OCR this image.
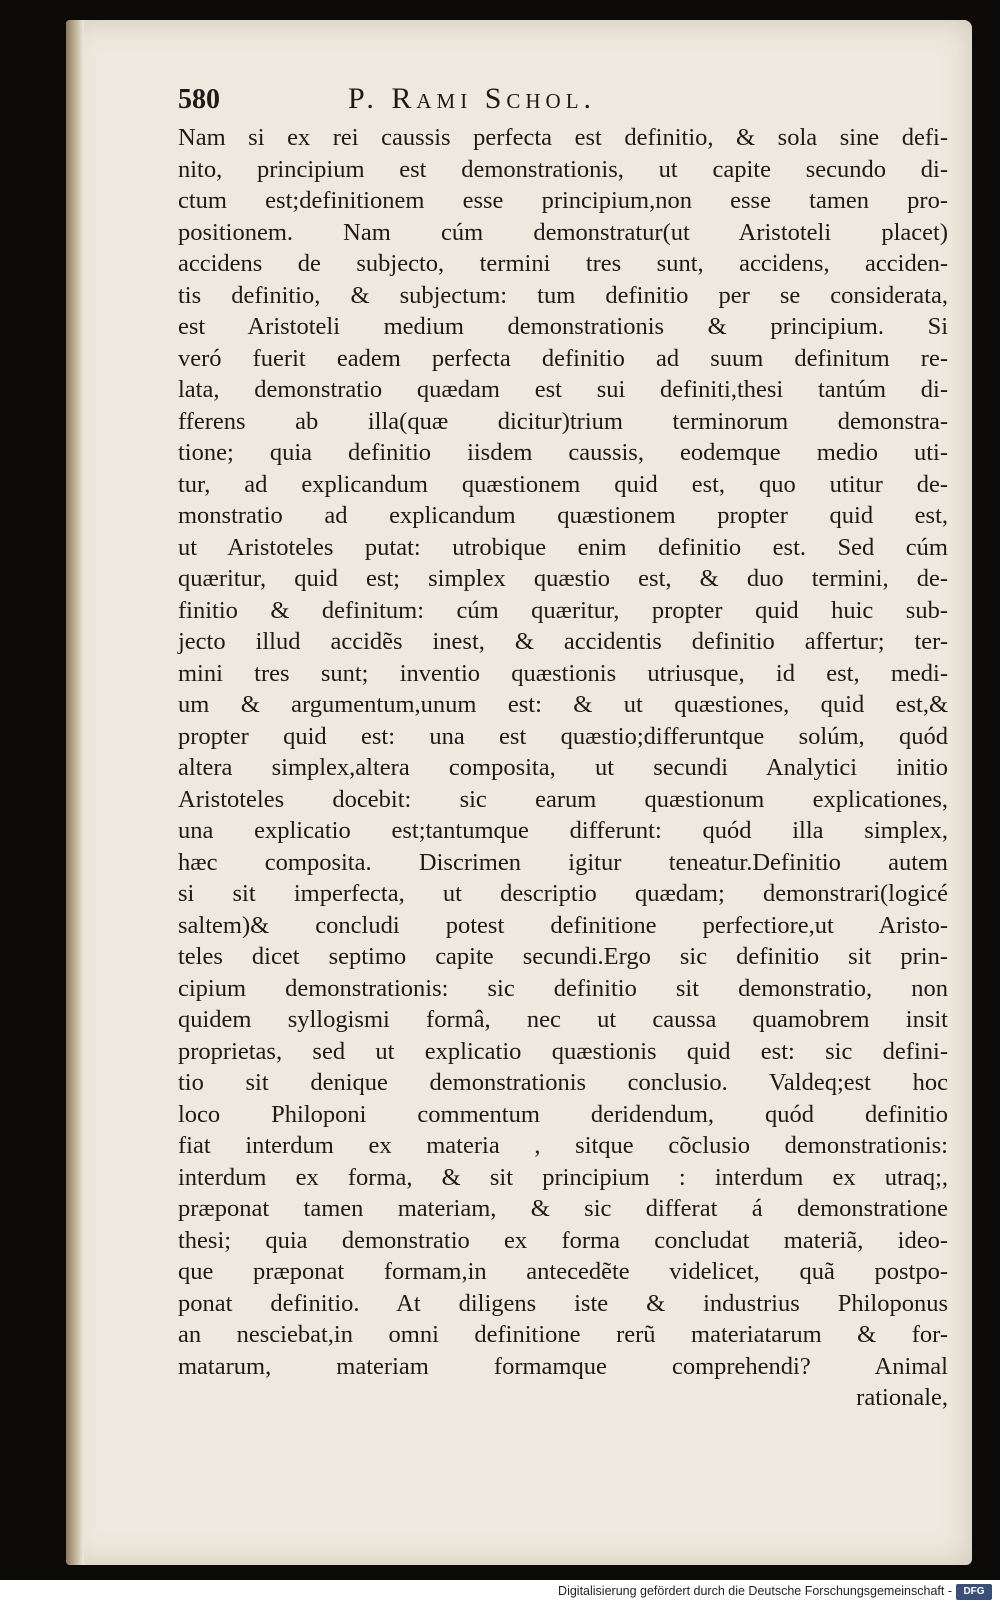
580	P. Rami Schol.
Nam si ex rei caussis perfecta est definitio, & sola sine defi-
nito, principium est demonstrationis, ut capite secundo di-
ctum est;definitionem esse principium,non esse tamen pro-
positionem. Nam cúm demonstratur(ut Aristoteli placet)
accidens de subjecto, termini tres sunt, accidens, acciden-
tis definitio, & subjectum: tum definitio per se considerata,
est Aristoteli medium demonstrationis & principium. Si
veró fuerit eadem perfecta definitio ad suum definitum re-
lata, demonstratio quædam est sui definiti,thesi tantúm di-
fferens ab illa(quæ dicitur)trium terminorum demonstra-
tione; quia definitio iisdem caussis, eodemque medio uti-
tur, ad explicandum quæstionem quid est, quo utitur de-
monstratio ad explicandum quæstionem propter quid est,
ut Aristoteles putat: utrobique enim definitio est. Sed cúm
quæritur, quid est; simplex quæstio est, & duo termini, de-
finitio & definitum: cúm quæritur, propter quid huic sub-
jecto illud accidẽs inest, & accidentis definitio affertur; ter-
mini tres sunt; inventio quæstionis utriusque, id est, medi-
um & argumentum,unum est: & ut quæstiones, quid est,&
propter quid est: una est quæstio;differuntque solúm, quód
altera simplex,altera composita, ut secundi Analytici initio
Aristoteles docebit: sic earum quæstionum explicationes,
una explicatio est;tantumque differunt: quód illa simplex,
hæc composita. Discrimen igitur teneatur.Definitio autem
si sit imperfecta, ut descriptio quædam; demonstrari(logicé
saltem)& concludi potest definitione perfectiore,ut Aristo-
teles dicet septimo capite secundi.Ergo sic definitio sit prin-
cipium demonstrationis: sic definitio sit demonstratio, non
quidem syllogismi formâ, nec ut caussa quamobrem insit
proprietas, sed ut explicatio quæstionis quid est: sic defini-
tio sit denique demonstrationis conclusio. Valdeq;est hoc
loco Philoponi commentum deridendum, quód definitio
fiat interdum ex materia , sitque cõclusio demonstrationis:
interdum ex forma, & sit principium : interdum ex utraq;,
præponat tamen materiam, & sic differat á demonstratione
thesi; quia demonstratio ex forma concludat materiã, ideo-
que præponat formam,in antecedẽte videlicet, quã postpo-
ponat definitio. At diligens iste & industrius Philoponus
an nesciebat,in omni definitione rerũ materiatarum & for-
matarum, materiam formamque comprehendi? Animal
rationale,
Digitalisierung gefördert durch die Deutsche Forschungsgemeinschaft -	DFG
